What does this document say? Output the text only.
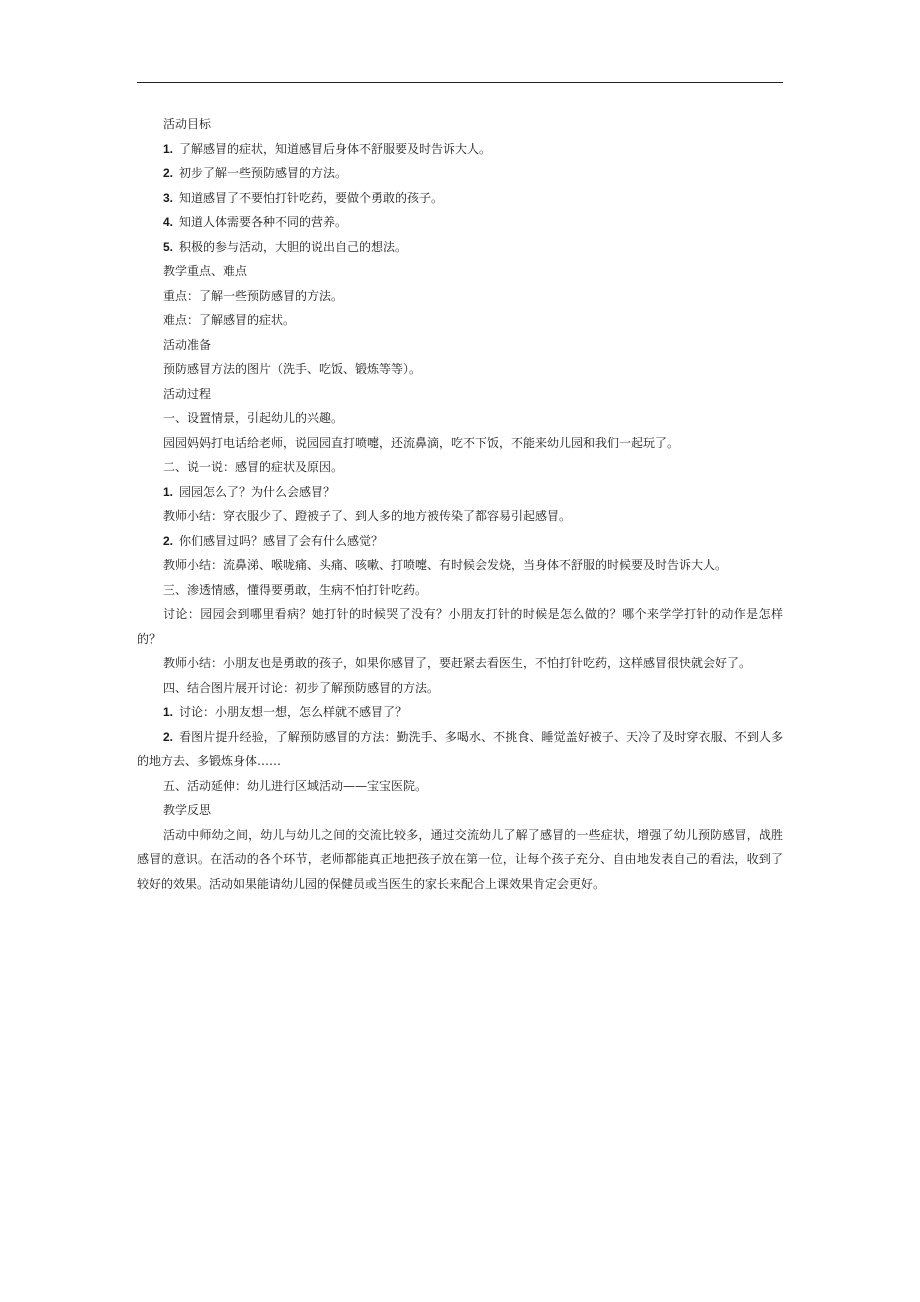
活动目标

1. 了解感冒的症状，知道感冒后身体不舒服要及时告诉大人。

2. 初步了解一些预防感冒的方法。

3. 知道感冒了不要怕打针吃药，要做个勇敢的孩子。

4. 知道人体需要各种不同的营养。

5. 积极的参与活动，大胆的说出自己的想法。

教学重点、难点

重点：了解一些预防感冒的方法。

难点：了解感冒的症状。

活动准备

预防感冒方法的图片（洗手、吃饭、锻炼等等）。

活动过程

一、设置情景，引起幼儿的兴趣。

园园妈妈打电话给老师，说园园直打喷嚏，还流鼻滴，吃不下饭，不能来幼儿园和我们一起玩了。

二、说一说：感冒的症状及原因。

1. 园园怎么了？为什么会感冒？

教师小结：穿衣服少了、蹬被子了、到人多的地方被传染了都容易引起感冒。

2. 你们感冒过吗？感冒了会有什么感觉？

教师小结：流鼻涕、喉咙痛、头痛、咳嗽、打喷嚏、有时候会发烧，当身体不舒服的时候要及时告诉大人。

三、渗透情感，懂得要勇敢，生病不怕打针吃药。

讨论：园园会到哪里看病？她打针的时候哭了没有？小朋友打针的时候是怎么做的？哪个来学学打针的动作是怎样的？

教师小结：小朋友也是勇敢的孩子，如果你感冒了，要赶紧去看医生，不怕打针吃药，这样感冒很快就会好了。

四、结合图片展开讨论：初步了解预防感冒的方法。

1. 讨论：小朋友想一想，怎么样就不感冒了？

2. 看图片提升经验，了解预防感冒的方法：勤洗手、多喝水、不挑食、睡觉盖好被子、天冷了及时穿衣服、不到人多的地方去、多锻炼身体……

五、活动延伸：幼儿进行区域活动——宝宝医院。

教学反思

活动中师幼之间，幼儿与幼儿之间的交流比较多，通过交流幼儿了解了感冒的一些症状，增强了幼儿预防感冒，战胜感冒的意识。在活动的各个环节，老师都能真正地把孩子放在第一位，让每个孩子充分、自由地发表自己的看法，收到了较好的效果。活动如果能请幼儿园的保健员或当医生的家长来配合上课效果肯定会更好。
